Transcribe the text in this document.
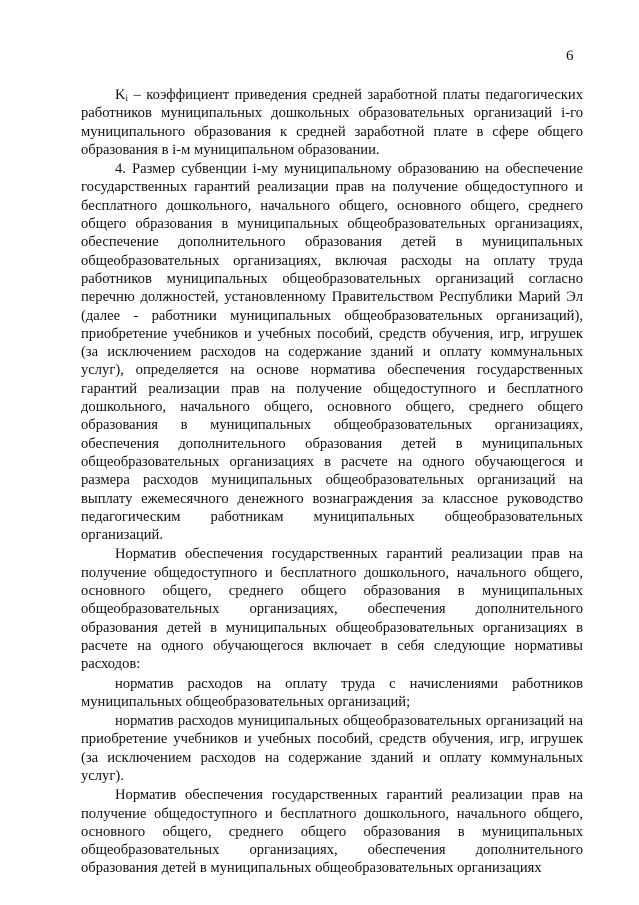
6

$K_i$ – коэффициент приведения средней заработной платы педагогических работников муниципальных дошкольных образовательных организаций i-го муниципального образования к средней заработной плате в сфере общего образования в i-м муниципальном образовании.

4. Размер субвенции i-му муниципальному образованию на обеспечение государственных гарантий реализации прав на получение общедоступного и бесплатного дошкольного, начального общего, основного общего, среднего общего образования в муниципальных общеобразовательных организациях, обеспечение дополнительного образования детей в муниципальных общеобразовательных организациях, включая расходы на оплату труда работников муниципальных общеобразовательных организаций согласно перечню должностей, установленному Правительством Республики Марий Эл (далее - работники муниципальных общеобразовательных организаций), приобретение учебников и учебных пособий, средств обучения, игр, игрушек (за исключением расходов на содержание зданий и оплату коммунальных услуг), определяется на основе норматива обеспечения государственных гарантий реализации прав на получение общедоступного и бесплатного дошкольного, начального общего, основного общего, среднего общего образования в муниципальных общеобразовательных организациях, обеспечения дополнительного образования детей в муниципальных общеобразовательных организациях в расчете на одного обучающегося и размера расходов муниципальных общеобразовательных организаций на выплату ежемесячного денежного вознаграждения за классное руководство педагогическим работникам муниципальных общеобразовательных организаций.

Норматив обеспечения государственных гарантий реализации прав на получение общедоступного и бесплатного дошкольного, начального общего, основного общего, среднего общего образования в муниципальных общеобразовательных организациях, обеспечения дополнительного образования детей в муниципальных общеобразовательных организациях в расчете на одного обучающегося включает в себя следующие нормативы расходов:

норматив расходов на оплату труда с начислениями работников муниципальных общеобразовательных организаций;

норматив расходов муниципальных общеобразовательных организаций на приобретение учебников и учебных пособий, средств обучения, игр, игрушек (за исключением расходов на содержание зданий и оплату коммунальных услуг).

Норматив обеспечения государственных гарантий реализации прав на получение общедоступного и бесплатного дошкольного, начального общего, основного общего, среднего общего образования в муниципальных общеобразовательных организациях, обеспечения дополнительного образования детей в муниципальных общеобразовательных организациях
